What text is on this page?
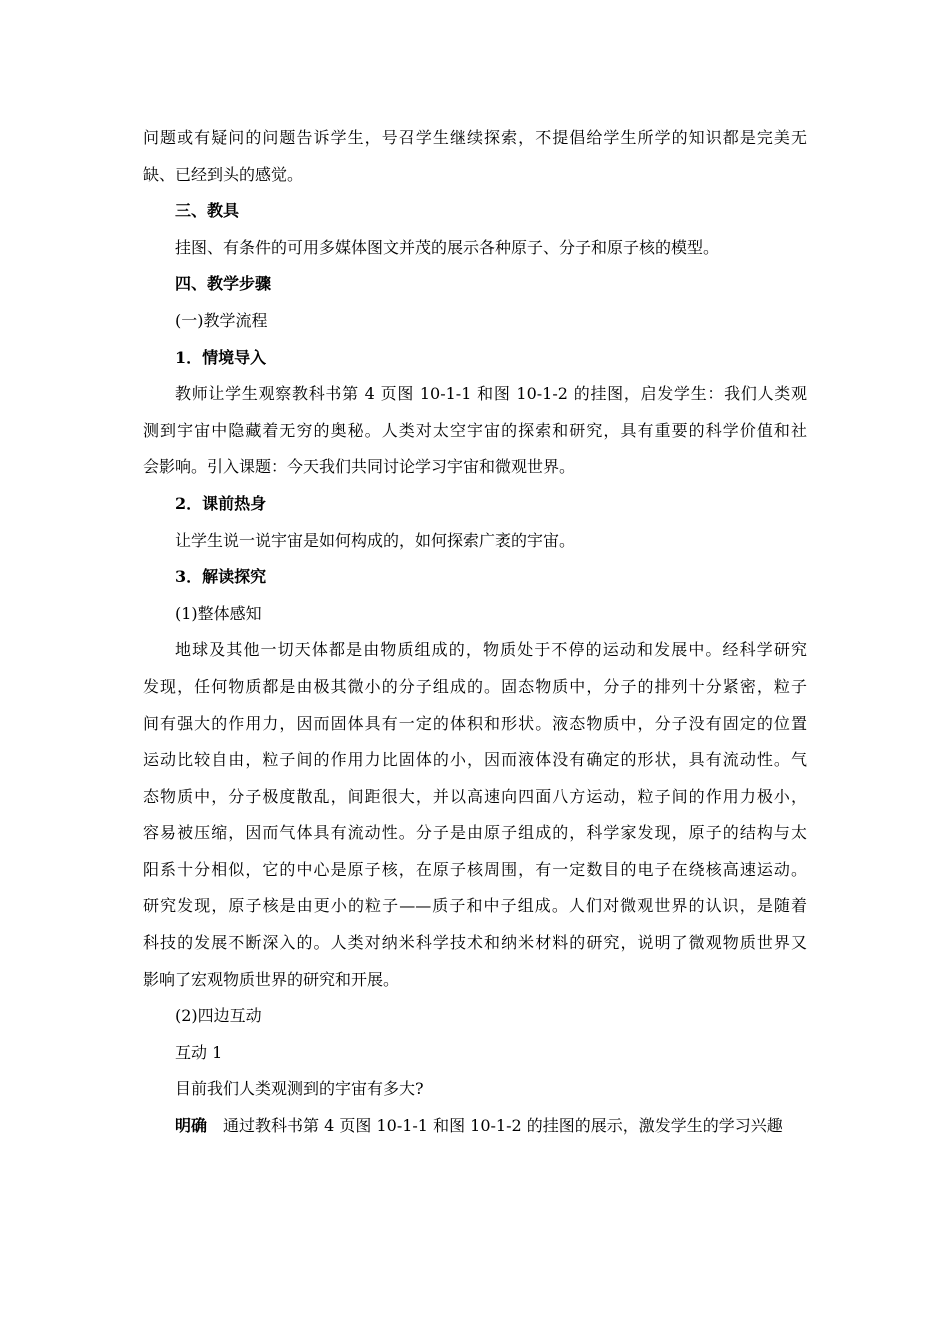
问题或有疑问的问题告诉学生，号召学生继续探索，不提倡给学生所学的知识都是完美无

缺、已经到头的感觉。

三、教具

挂图、有条件的可用多媒体图文并茂的展示各种原子、分子和原子核的模型。

四、教学步骤

(一)教学流程

1．情境导入

教师让学生观察教科书第 4 页图 10-1-1 和图 10-1-2 的挂图，启发学生：我们人类观

测到宇宙中隐藏着无穷的奥秘。人类对太空宇宙的探索和研究，具有重要的科学价值和社

会影响。引入课题：今天我们共同讨论学习宇宙和微观世界。

2．课前热身

让学生说一说宇宙是如何构成的，如何探索广袤的宇宙。

3．解读探究

(1)整体感知

地球及其他一切天体都是由物质组成的，物质处于不停的运动和发展中。经科学研究

发现，任何物质都是由极其微小的分子组成的。固态物质中，分子的排列十分紧密，粒子

间有强大的作用力，因而固体具有一定的体积和形状。液态物质中，分子没有固定的位置

运动比较自由，粒子间的作用力比固体的小，因而液体没有确定的形状，具有流动性。气

态物质中，分子极度散乱，间距很大，并以高速向四面八方运动，粒子间的作用力极小，

容易被压缩，因而气体具有流动性。分子是由原子组成的，科学家发现，原子的结构与太

阳系十分相似，它的中心是原子核，在原子核周围，有一定数目的电子在绕核高速运动。

研究发现，原子核是由更小的粒子——质子和中子组成。人们对微观世界的认识，是随着

科技的发展不断深入的。人类对纳米科学技术和纳米材料的研究，说明了微观物质世界又

影响了宏观物质世界的研究和开展。

(2)四边互动

互动 1

目前我们人类观测到的宇宙有多大?

明确 通过教科书第 4 页图 10-1-1 和图 10-1-2 的挂图的展示，激发学生的学习兴趣
